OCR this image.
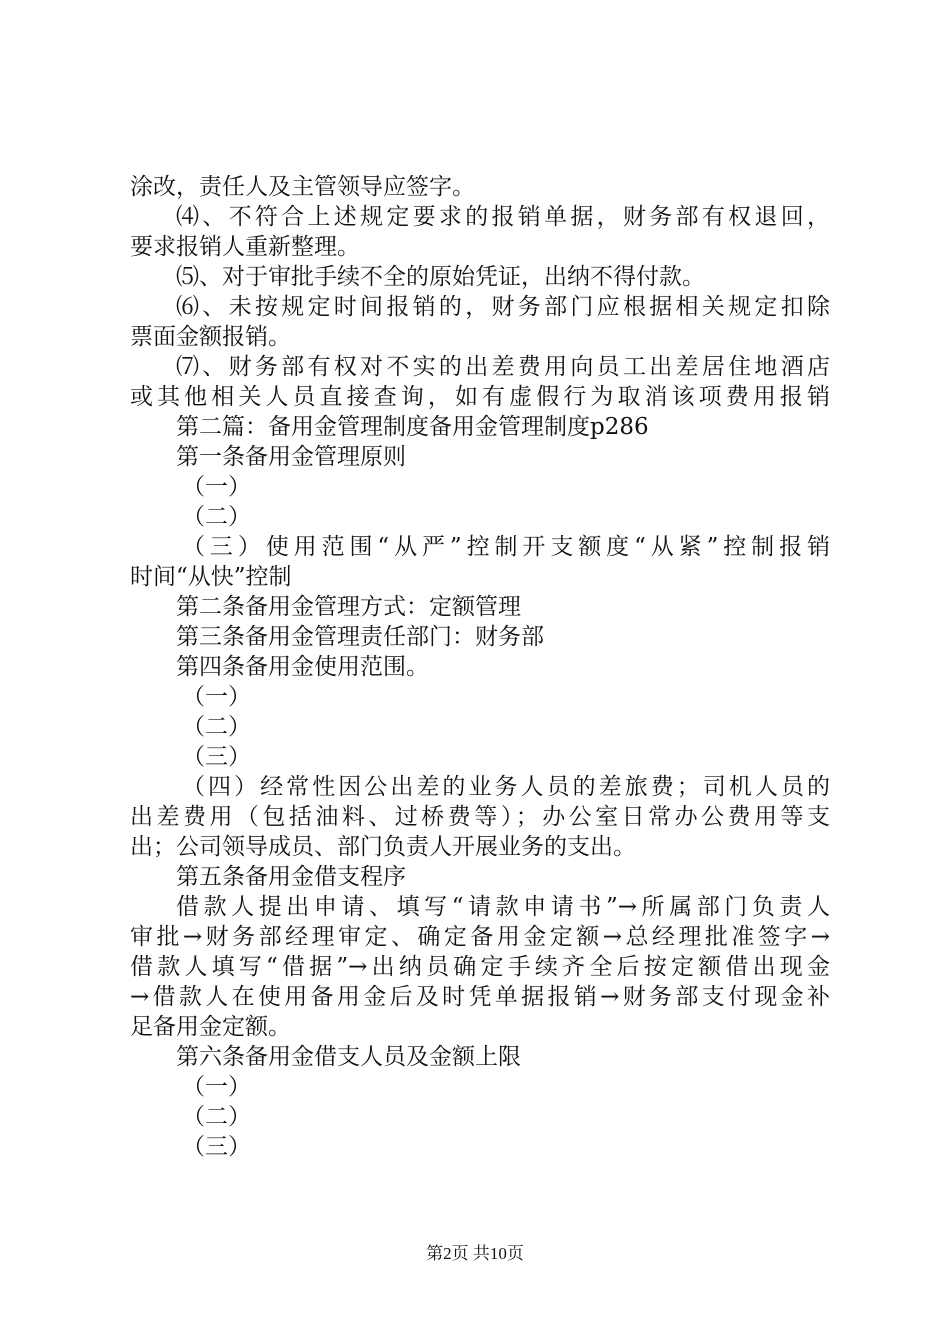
涂改，责任人及主管领导应签字。
⑷、不符合上述规定要求的报销单据，财务部有权退回，
要求报销人重新整理。
⑸、对于审批手续不全的原始凭证，出纳不得付款。
⑹、未按规定时间报销的，财务部门应根据相关规定扣除
票面金额报销。
⑺、财务部有权对不实的出差费用向员工出差居住地酒店
或其他相关人员直接查询，如有虚假行为取消该项费用报销
第二篇：备用金管理制度备用金管理制度p286
第一条备用金管理原则
（一）
（二）
（三）使用范围“从严”控制开支额度“从紧”控制报销
时间“从快”控制
第二条备用金管理方式：定额管理
第三条备用金管理责任部门：财务部
第四条备用金使用范围。
（一）
（二）
（三）
（四）经常性因公出差的业务人员的差旅费；司机人员的
出差费用（包括油料、过桥费等）；办公室日常办公费用等支
出；公司领导成员、部门负责人开展业务的支出。
第五条备用金借支程序
借款人提出申请、填写“请款申请书”→所属部门负责人
审批→财务部经理审定、确定备用金定额→总经理批准签字→
借款人填写“借据”→出纳员确定手续齐全后按定额借出现金
→借款人在使用备用金后及时凭单据报销→财务部支付现金补
足备用金定额。
第六条备用金借支人员及金额上限
（一）
（二）
（三）
第2页 共10页
